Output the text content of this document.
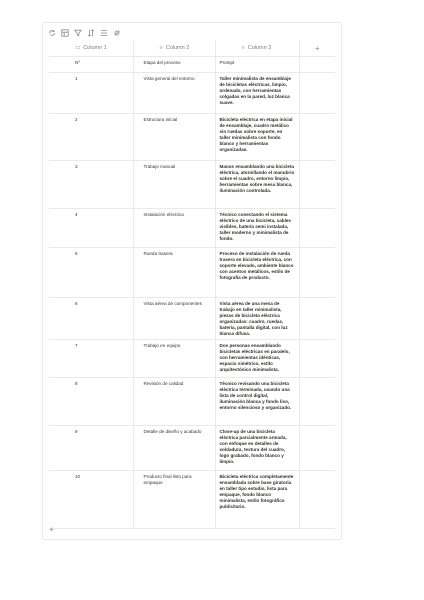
▭ Column 1	≡ Column 2	≡ Column 3	+
Nº	Etapa del proceso	Prompt	
1	Vista general del entorno	Taller minimalista de ensamblaje de bicicletas eléctricas, limpio, ordenado, con herramientas colgadas en la pared, luz blanca suave.	
2	Estructura inicial	Bicicleta eléctrica en etapa inicial de ensamblaje, cuadro metálico sin ruedas sobre soporte, en taller minimalista con fondo blanco y herramientas organizadas.	
3	Trabajo manual	Manos ensamblando una bicicleta eléctrica, atornillando el manubrio sobre el cuadro, entorno limpio, herramientas sobre mesa blanca, iluminación controlada.	
4	Instalación eléctrica	Técnico conectando el sistema eléctrico de una bicicleta, cables visibles, batería semi instalada, taller moderno y minimalista de fondo.	
5	Rueda trasera	Proceso de instalación de rueda trasera en bicicleta eléctrica, con soporte elevado, ambiente blanco con acentos metálicos, estilo de fotografía de producto.	
6	Vista aérea de componentes	Vista aérea de una mesa de trabajo en taller minimalista, piezas de bicicleta eléctrica organizadas: cuadro, ruedas, batería, pantalla digital, con luz blanca difusa.	
7	Trabajo en equipo	Dos personas ensamblando bicicletas eléctricas en paralelo, con herramientas idénticas, espacio simétrico, estilo arquitectónico minimalista.	
8	Revisión de calidad	Técnico revisando una bicicleta eléctrica terminada, usando una lista de control digital, iluminación blanca y fondo liso, entorno silencioso y organizado.	
9	Detalle de diseño y acabado	Close-up de una bicicleta eléctrica parcialmente armada, con enfoque en detalles de soldadura, textura del cuadro, logo grabado, fondo blanco y limpio.	
10	Producto final listo para empaque	Bicicleta eléctrica completamente ensamblada sobre base giratoria en taller tipo estudio, lista para empaque, fondo blanco minimalista, estilo fotográfico publicitario.	
+
